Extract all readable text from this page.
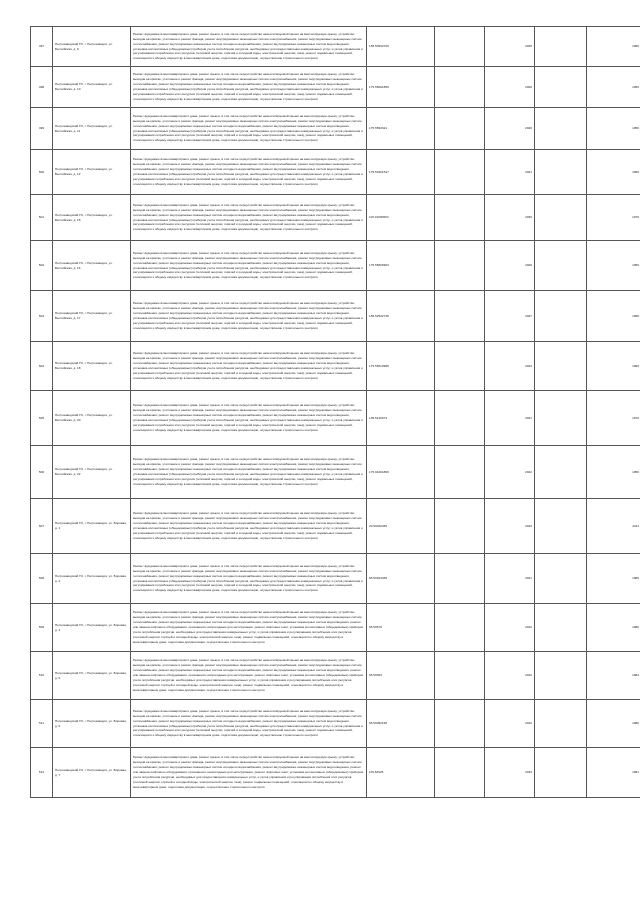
497	Петрозаводский ГО, г. Петрозаводск, ул. Балтийская, д. 9	Ремонт фундамента многоквартирного дома, ремонт крыши, в том числе переустройство невентилируемой крыши на вентилируемую крышу, устройство выходов на кровлю, утепление и ремонт фасада, ремонт внутридомовых инженерных систем электроснабжения, ремонт внутридомовых инженерных систем теплоснабжения, ремонт внутридомовых инженерных систем холодного водоснабжения, ремонт внутридомовых инженерных систем водоотведения, установка коллективных (общедомовых) приборов учета потребления ресурсов, необходимых для предоставления коммунальных услуг, и узлов управления и регулирования потребления этих ресурсов (тепловой энергии, горячей и холодной воды, электрической энергии, газа), ремонт подвальных помещений, относящихся к общему имуществу в многоквартирном доме, подготовка документации, осуществление строительного контроля	155.50932706		2035		1956
498	Петрозаводский ГО, г. Петрозаводск, ул. Балтийская, д. 10	Ремонт фундамента многоквартирного дома, ремонт крыши, в том числе переустройство невентилируемой крыши на вентилируемую крышу, устройство выходов на кровлю, утепление и ремонт фасада, ремонт внутридомовых инженерных систем электроснабжения, ремонт внутридомовых инженерных систем теплоснабжения, ремонт внутридомовых инженерных систем холодного водоснабжения, ремонт внутридомовых инженерных систем водоотведения, установка коллективных (общедомовых) приборов учета потребления ресурсов, необходимых для предоставления коммунальных услуг, и узлов управления и регулирования потребления этих ресурсов (тепловой энергии, горячей и холодной воды, электрической энергии, газа), ремонт подвальных помещений, относящихся к общему имуществу в многоквартирном доме, подготовка документации, осуществление строительного контроля	175.55601856		2020		1956
499	Петрозаводский ГО, г. Петрозаводск, ул. Балтийская, д. 11	Ремонт фундамента многоквартирного дома, ремонт крыши, в том числе переустройство невентилируемой крыши на вентилируемую крышу, устройство выходов на кровлю, утепление и ремонт фасада, ремонт внутридомовых инженерных систем электроснабжения, ремонт внутридомовых инженерных систем теплоснабжения, ремонт внутридомовых инженерных систем холодного водоснабжения, ремонт внутридомовых инженерных систем водоотведения, установка коллективных (общедомовых) приборов учета потребления ресурсов, необходимых для предоставления коммунальных услуг, и узлов управления и регулирования потребления этих ресурсов (тепловой энергии, горячей и холодной воды, электрической энергии, газа), ремонт подвальных помещений, относящихся к общему имуществу в многоквартирном доме, подготовка документации, осуществление строительного контроля	175.5593321		2020		1956
500	Петрозаводский ГО, г. Петрозаводск, ул. Балтийская, д. 12	Ремонт фундамента многоквартирного дома, ремонт крыши, в том числе переустройство невентилируемой крыши на вентилируемую крышу, устройство выходов на кровлю, утепление и ремонт фасада, ремонт внутридомовых инженерных систем электроснабжения, ремонт внутридомовых инженерных систем теплоснабжения, ремонт внутридомовых инженерных систем холодного водоснабжения, ремонт внутридомовых инженерных систем водоотведения, установка коллективных (общедомовых) приборов учета потребления ресурсов, необходимых для предоставления коммунальных услуг, и узлов управления и регулирования потребления этих ресурсов (тепловой энергии, горячей и холодной воды, электрической энергии, газа), ремонт подвальных помещений, относящихся к общему имуществу в многоквартирном доме, подготовка документации, осуществление строительного контроля	175.54901547		2021		1956
501	Петрозаводский ГО, г. Петрозаводск, ул. Балтийская, д. 15	Ремонт фундамента многоквартирного дома, ремонт крыши, в том числе переустройство невентилируемой крыши на вентилируемую крышу, устройство выходов на кровлю, утепление и ремонт фасада, ремонт внутридомовых инженерных систем электроснабжения, ремонт внутридомовых инженерных систем теплоснабжения, ремонт внутридомовых инженерных систем холодного водоснабжения, ремонт внутридомовых инженерных систем водоотведения, установка коллективных (общедомовых) приборов учета потребления ресурсов, необходимых для предоставления коммунальных услуг, и узлов управления и регулирования потребления этих ресурсов (тепловой энергии, горячей и холодной воды, электрической энергии, газа), ремонт подвальных помещений, относящихся к общему имуществу в многоквартирном доме, подготовка документации, осуществление строительного контроля	115.01690563		2036		1970
502	Петрозаводский ГО, г. Петрозаводск, ул. Балтийская, д. 16	Ремонт фундамента многоквартирного дома, ремонт крыши, в том числе переустройство невентилируемой крыши на вентилируемую крышу, устройство выходов на кровлю, утепление и ремонт фасада, ремонт внутридомовых инженерных систем электроснабжения, ремонт внутридомовых инженерных систем теплоснабжения, ремонт внутридомовых инженерных систем холодного водоснабжения, ремонт внутридомовых инженерных систем водоотведения, установка коллективных (общедомовых) приборов учета потребления ресурсов, необходимых для предоставления коммунальных услуг, и узлов управления и регулирования потребления этих ресурсов (тепловой энергии, горячей и холодной воды, электрической энергии, газа), ремонт подвальных помещений, относящихся к общему имуществу в многоквартирном доме, подготовка документации, осуществление строительного контроля	175.55609963		2020		1956
503	Петрозаводский ГО, г. Петрозаводск, ул. Балтийская, д. 17	Ремонт фундамента многоквартирного дома, ремонт крыши, в том числе переустройство невентилируемой крыши на вентилируемую крышу, устройство выходов на кровлю, утепление и ремонт фасада, ремонт внутридомовых инженерных систем электроснабжения, ремонт внутридомовых инженерных систем теплоснабжения, ремонт внутридомовых инженерных систем холодного водоснабжения, ремонт внутридомовых инженерных систем водоотведения, установка коллективных (общедомовых) приборов учета потребления ресурсов, необходимых для предоставления коммунальных услуг, и узлов управления и регулирования потребления этих ресурсов (тепловой энергии, горячей и холодной воды, электрической энергии, газа), ремонт подвальных помещений, относящихся к общему имуществу в многоквартирном доме, подготовка документации, осуществление строительного контроля	155.52532736		2027		1958
504	Петрозаводский ГО, г. Петрозаводск, ул. Балтийская, д. 18	Ремонт фундамента многоквартирного дома, ремонт крыши, в том числе переустройство невентилируемой крыши на вентилируемую крышу, устройство выходов на кровлю, утепление и ремонт фасада, ремонт внутридомовых инженерных систем электроснабжения, ремонт внутридомовых инженерных систем теплоснабжения, ремонт внутридомовых инженерных систем холодного водоснабжения, ремонт внутридомовых инженерных систем водоотведения, установка коллективных (общедомовых) приборов учета потребления ресурсов, необходимых для предоставления коммунальных услуг, и узлов управления и регулирования потребления этих ресурсов (тепловой энергии, горячей и холодной воды, электрической энергии, газа), ремонт подвальных помещений, относящихся к общему имуществу в многоквартирном доме, подготовка документации, осуществление строительного контроля	175.55510985		2023		1959
505	Петрозаводский ГО, г. Петрозаводск, ул. Балтийская, д. 20	Ремонт фундамента многоквартирного дома, ремонт крыши, в том числе переустройство невентилируемой крыши на вентилируемую крышу, устройство выходов на кровлю, утепление и ремонт фасада, ремонт внутридомовых инженерных систем электроснабжения, ремонт внутридомовых инженерных систем теплоснабжения, ремонт внутридомовых инженерных систем холодного водоснабжения, ремонт внутридомовых инженерных систем водоотведения, установка коллективных (общедомовых) приборов учета потребления ресурсов, необходимых для предоставления коммунальных услуг, и узлов управления и регулирования потребления этих ресурсов (тепловой энергии, горячей и холодной воды, электрической энергии, газа), ремонт подвальных помещений, относящихся к общему имуществу в многоквартирном доме, подготовка документации, осуществление строительного контроля	135.5219073		2031		1970
506	Петрозаводский ГО, г. Петрозаводск, ул. Балтийская, д. 22	Ремонт фундамента многоквартирного дома, ремонт крыши, в том числе переустройство невентилируемой крыши на вентилируемую крышу, устройство выходов на кровлю, утепление и ремонт фасада, ремонт внутридомовых инженерных систем электроснабжения, ремонт внутридомовых инженерных систем теплоснабжения, ремонт внутридомовых инженерных систем холодного водоснабжения, ремонт внутридомовых инженерных систем водоотведения, установка коллективных (общедомовых) приборов учета потребления ресурсов, необходимых для предоставления коммунальных услуг, и узлов управления и регулирования потребления этих ресурсов (тепловой энергии, горячей и холодной воды, электрической энергии, газа), ремонт подвальных помещений, относящихся к общему имуществу в многоквартирном доме, подготовка документации, осуществление строительного контроля	175.94401866		2022		1956
507	Петрозаводский ГО, г. Петрозаводск, ул. Боровая, д. 1	Ремонт фундамента многоквартирного дома, ремонт крыши, в том числе переустройство невентилируемой крыши на вентилируемую крышу, устройство выходов на кровлю, утепление и ремонт фасада, ремонт внутридомовых инженерных систем электроснабжения, ремонт внутридомовых инженерных систем теплоснабжения, ремонт внутридомовых инженерных систем холодного водоснабжения, ремонт внутридомовых инженерных систем водоотведения, установка коллективных (общедомовых) приборов учета потребления ресурсов, необходимых для предоставления коммунальных услуг, и узлов управления и регулирования потребления этих ресурсов (тепловой энергии, горячей и холодной воды, электрической энергии, газа), ремонт подвальных помещений, относящихся к общему имуществу в многоквартирном доме, подготовка документации, осуществление строительного контроля	20.50042465		2043		2011
508	Петрозаводский ГО, г. Петрозаводск, ул. Боровая, д. 2	Ремонт фундамента многоквартирного дома, ремонт крыши, в том числе переустройство невентилируемой крыши на вентилируемую крышу, устройство выходов на кровлю, утепление и ремонт фасада, ремонт внутридомовых инженерных систем электроснабжения, ремонт внутридомовых инженерных систем теплоснабжения, ремонт внутридомовых инженерных систем холодного водоснабжения, ремонт внутридомовых инженерных систем водоотведения, установка коллективных (общедомовых) приборов учета потребления ресурсов, необходимых для предоставления коммунальных услуг, и узлов управления и регулирования потребления этих ресурсов (тепловой энергии, горячей и холодной воды, электрической энергии, газа), ремонт подвальных помещений, относящихся к общему имуществу в многоквартирном доме, подготовка документации, осуществление строительного контроля	95.50464365		2041		1985
509	Петрозаводский ГО, г. Петрозаводск, ул. Боровая, д. 3	Ремонт фундамента многоквартирного дома, ремонт крыши, в том числе переустройство невентилируемой крыши на вентилируемую крышу, устройство выходов на кровлю, утепление и ремонт фасада, ремонт внутридомовых инженерных систем электроснабжения, ремонт внутридомовых инженерных систем теплоснабжения, ремонт внутридомовых инженерных систем холодного водоснабжения, ремонт внутридомовых инженерных систем водоотведения, ремонт или замена лифтового оборудования, признанного непригодным для эксплуатации, ремонт лифтовых шахт, установка коллективных (общедомовых) приборов учета потребления ресурсов, необходимых для предоставления коммунальных услуг, и узлов управления и регулирования потребления этих ресурсов (тепловой энергии, горячей и холодной воды, электрической энергии, газа), ремонт подвальных помещений, относящихся к общему имуществу в многоквартирном доме, подготовка документации, осуществление строительного контроля	95.50576		2042		1980
510	Петрозаводский ГО, г. Петрозаводск, ул. Боровая, д. 5	Ремонт фундамента многоквартирного дома, ремонт крыши, в том числе переустройство невентилируемой крыши на вентилируемую крышу, устройство выходов на кровлю, утепление и ремонт фасада, ремонт внутридомовых инженерных систем электроснабжения, ремонт внутридомовых инженерных систем теплоснабжения, ремонт внутридомовых инженерных систем холодного водоснабжения, ремонт внутридомовых инженерных систем водоотведения, ремонт или замена лифтового оборудования, признанного непригодным для эксплуатации, ремонт лифтовых шахт, установка коллективных (общедомовых) приборов учета потребления ресурсов, необходимых для предоставления коммунальных услуг, и узлов управления и регулирования потребления этих ресурсов (тепловой энергии, горячей и холодной воды, электрической энергии, газа), ремонт подвальных помещений, относящихся к общему имуществу в многоквартирном доме, подготовка документации, осуществление строительного контроля	95.50303		2042		1984
511	Петрозаводский ГО, г. Петрозаводск, ул. Боровая, д. 6	Ремонт фундамента многоквартирного дома, ремонт крыши, в том числе переустройство невентилируемой крыши на вентилируемую крышу, устройство выходов на кровлю, утепление и ремонт фасада, ремонт внутридомовых инженерных систем электроснабжения, ремонт внутридомовых инженерных систем теплоснабжения, ремонт внутридомовых инженерных систем холодного водоснабжения, ремонт внутридомовых инженерных систем водоотведения, установка коллективных (общедомовых) приборов учета потребления ресурсов, необходимых для предоставления коммунальных услуг, и узлов управления и регулирования потребления этих ресурсов (тепловой энергии, горячей и холодной воды, электрической энергии, газа), ремонт подвальных помещений, относящихся к общему имуществу в многоквартирном доме, подготовка документации, осуществление строительного контроля	95.50052156		2042		1986
512	Петрозаводский ГО, г. Петрозаводск, ул. Боровая, д. 7	Ремонт фундамента многоквартирного дома, ремонт крыши, в том числе переустройство невентилируемой крыши на вентилируемую крышу, устройство выходов на кровлю, утепление и ремонт фасада, ремонт внутридомовых инженерных систем электроснабжения, ремонт внутридомовых инженерных систем теплоснабжения, ремонт внутридомовых инженерных систем холодного водоснабжения, ремонт внутридомовых инженерных систем водоотведения, ремонт или замена лифтового оборудования, признанного непригодным для эксплуатации, ремонт лифтовых шахт, установка коллективных (общедомовых) приборов учета потребления ресурсов, необходимых для предоставления коммунальных услуг, и узлов управления и регулирования потребления этих ресурсов (тепловой энергии, горячей и холодной воды, электрической энергии, газа), ремонт подвальных помещений, относящихся к общему имуществу в многоквартирном доме, подготовка документации, осуществление строительного контроля	115.52025		2034		1981
